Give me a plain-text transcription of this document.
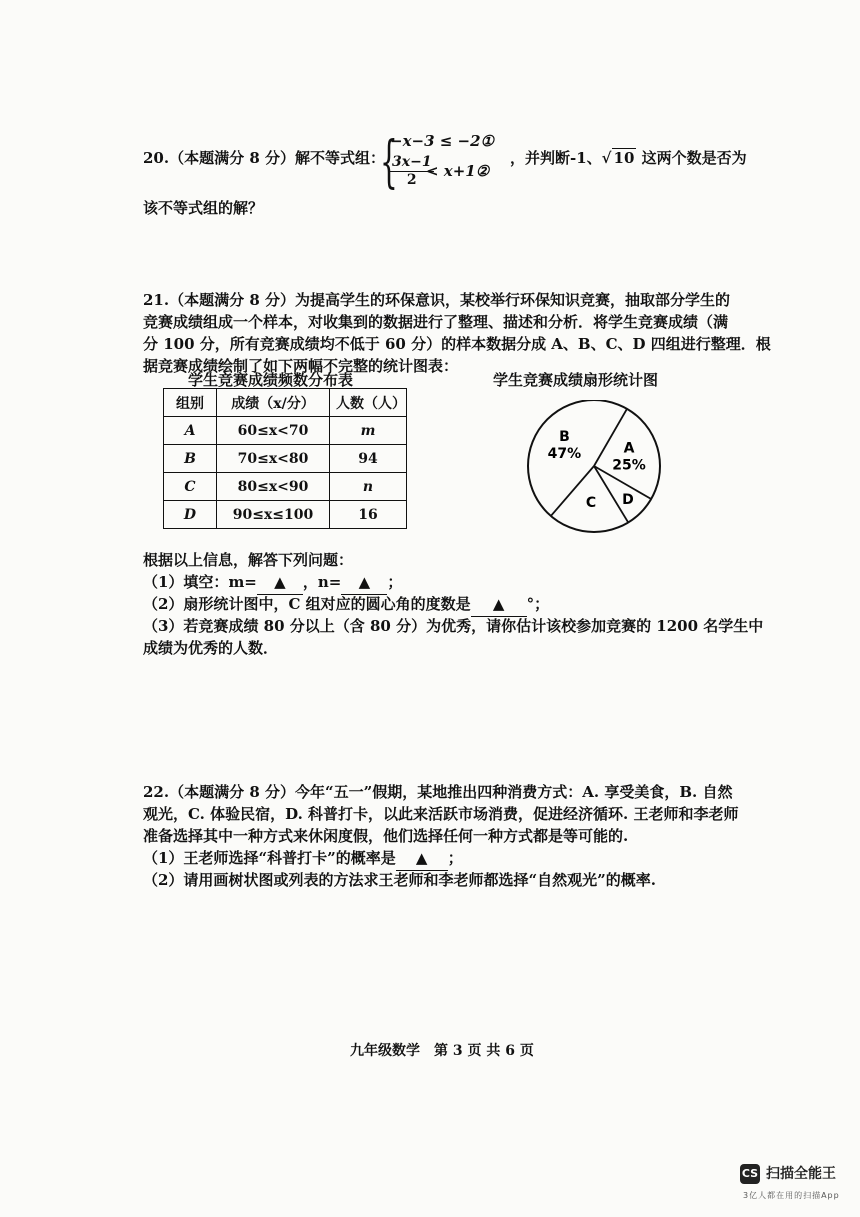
20.（本题满分 8 分）解不等式组：
{
−x−3 ≤ −2①
$\frac{3x-1}{2}$
< x+1②
，并判断-1、√ 10 这两个数是否为
该不等式组的解？
21.（本题满分 8 分）为提高学生的环保意识，某校举行环保知识竞赛，抽取部分学生的
竞赛成绩组成一个样本，对收集到的数据进行了整理、描述和分析．将学生竞赛成绩（满
分 100 分，所有竞赛成绩均不低于 60 分）的样本数据分成 A、B、C、D 四组进行整理．根
据竞赛成绩绘制了如下两幅不完整的统计图表：
学生竞赛成绩频数分布表	学生竞赛成绩扇形统计图
组别	成绩（x/分）	人数（人）
A	60≤x<70	m
B	70≤x<80	94
C	80≤x<90	n
D	90≤x≤100	16
A
25%
D
C
B
47%
根据以上信息，解答下列问题：
（1）填空：m= ▲ ，n= ▲ ；
（2）扇形统计图中，C 组对应的圆心角的度数是 ▲ °；
（3）若竞赛成绩 80 分以上（含 80 分）为优秀，请你估计该校参加竞赛的 1200 名学生中
成绩为优秀的人数．
22.（本题满分 8 分）今年“五一”假期，某地推出四种消费方式：A. 享受美食，B. 自然
观光，C. 体验民宿，D. 科普打卡，以此来活跃市场消费，促进经济循环. 王老师和李老师
准备选择其中一种方式来休闲度假，他们选择任何一种方式都是等可能的.
（1）王老师选择“科普打卡”的概率是 ▲ ；
（2）请用画树状图或列表的方法求王老师和李老师都选择“自然观光”的概率.
九年级数学　第 3 页 共 6 页
CS 扫描全能王
3亿人都在用的扫描App
